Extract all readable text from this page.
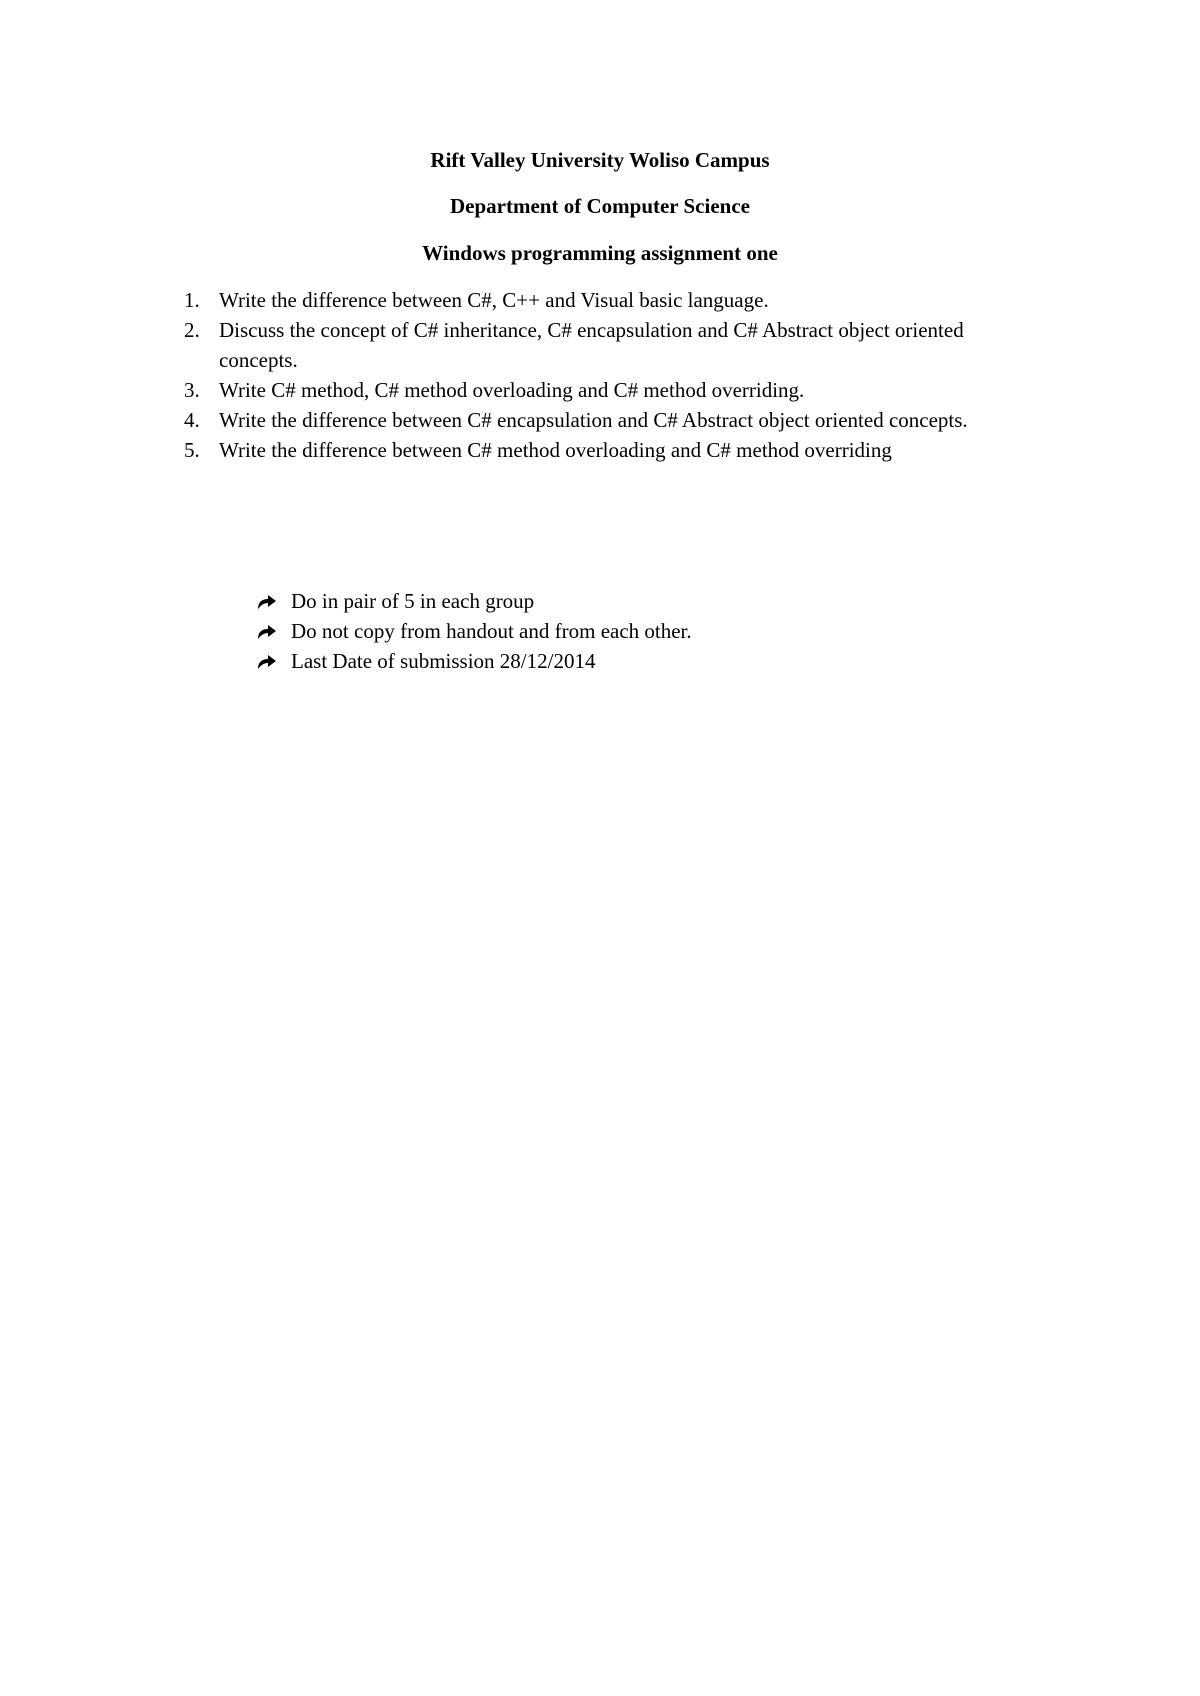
Rift Valley University Woliso Campus
Department of Computer Science
Windows programming assignment one
1. Write the difference between C#, C++ and Visual basic language.
2. Discuss the concept of C# inheritance, C# encapsulation and C# Abstract object oriented concepts.
3. Write C# method, C# method overloading and C# method overriding.
4. Write the difference between C# encapsulation and C# Abstract object oriented concepts.
5. Write the difference between C# method overloading and C# method overriding
Do in pair of 5 in each group
Do not copy from handout and from each other.
Last Date of submission 28/12/2014
